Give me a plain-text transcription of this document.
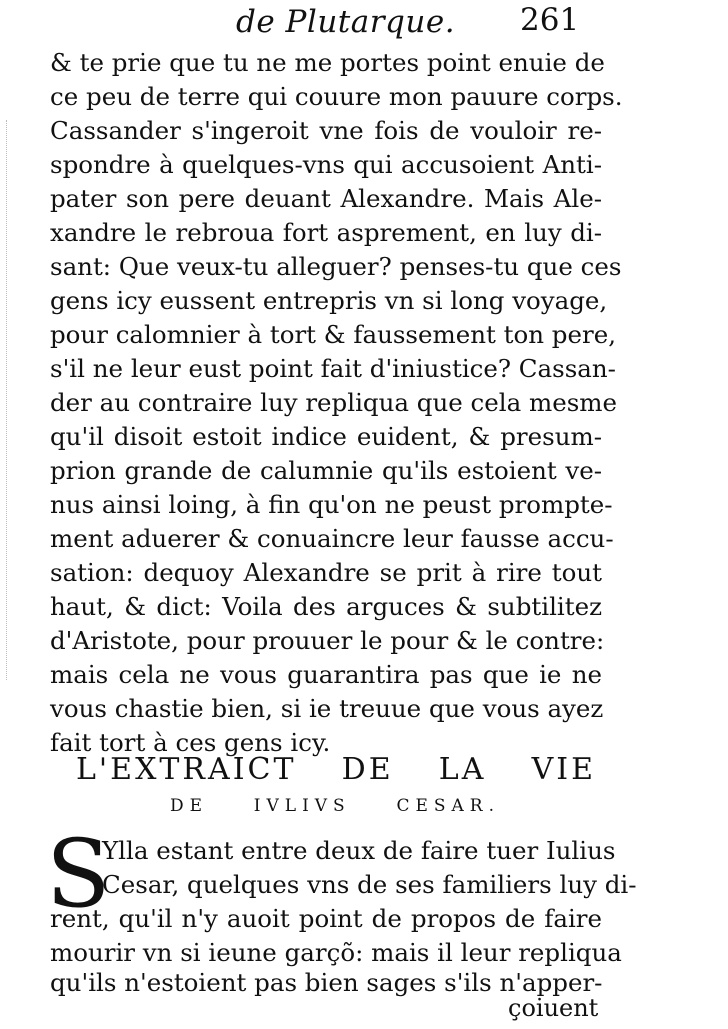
de Plutarque. 261
& te prie que tu ne me portes point enuie de
ce peu de terre qui couure mon pauure corps.
Cassander s'ingeroit vne fois de vouloir re-
spondre à quelques-vns qui accusoient Anti-
pater son pere deuant Alexandre. Mais Ale-
xandre le rebroua fort asprement, en luy di-
sant: Que veux-tu alleguer? penses-tu que ces
gens icy eussent entrepris vn si long voyage,
pour calomnier à tort & faussement ton pere,
s'il ne leur eust point fait d'iniustice? Cassan-
der au contraire luy repliqua que cela mesme
qu'il disoit estoit indice euident, & presum-
prion grande de calumnie qu'ils estoient ve-
nus ainsi loing, à fin qu'on ne peust prompte-
ment aduerer & conuaincre leur fausse accu-
sation: dequoy Alexandre se prit à rire tout
haut, & dict: Voila des arguces & subtilitez
d'Aristote, pour prouuer le pour & le contre:
mais cela ne vous guarantira pas que ie ne
vous chastie bien, si ie treuue que vous ayez
fait tort à ces gens icy.
L'EXTRAICT DE LA VIE
DE IVLIVS CESAR.
S
Ylla estant entre deux de faire tuer Iulius
Cesar, quelques vns de ses familiers luy di-
rent, qu'il n'y auoit point de propos de faire
mourir vn si ieune garçõ: mais il leur repliqua
qu'ils n'estoient pas bien sages s'ils n'apper-
çoiuent
